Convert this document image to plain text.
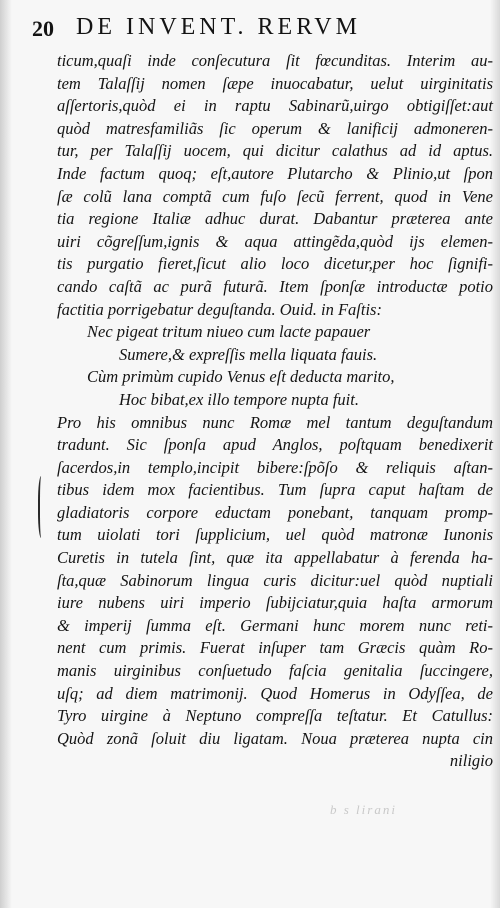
20 DE INVENT. RERVM
b s lirani
ticum,quaſi inde conſecutura ſit fœcunditas. Interim au-
tem Talaſſij nomen ſæpe inuocabatur, uelut uirginitatis
aſſertoris,quòd ei in raptu Sabinarũ,uirgo obtigiſſet:aut
quòd matresfamiliãs ſic operum & lanificij admoneren-
tur, per Talaſſij uocem, qui dicitur calathus ad id aptus.
Inde factum quoq; eſt,autore Plutarcho & Plinio,ut ſpon
ſæ colũ lana comptã cum fuſo ſecũ ferrent, quod in Vene
tia regione Italiæ adhuc durat. Dabantur præterea ante
uiri cõgreſſum,ignis & aqua attingẽda,quòd ijs elemen-
tis purgatio fieret,ſicut alio loco dicetur,per hoc ſignifi-
cando caſtã ac purã futurã. Item ſponſæ introductæ potio
factitia porrigebatur deguſtanda. Ouid. in Faſtis:
Nec pigeat tritum niueo cum lacte papauer
Sumere,& expreſſis mella liquata fauis.
Cùm primùm cupido Venus eſt deducta marito,
Hoc bibat,ex illo tempore nupta fuit.
Pro his omnibus nunc Romæ mel tantum deguſtandum
tradunt. Sic ſponſa apud Anglos, poſtquam benedixerit
ſacerdos,in templo,incipit bibere:ſpõſo & reliquis aſtan-
tibus idem mox facientibus. Tum ſupra caput haſtam de
gladiatoris corpore eductam ponebant, tanquam promp-
tum uiolati tori ſupplicium, uel quòd matronæ Iunonis
Curetis in tutela ſint, quæ ita appellabatur à ferenda ha-
ſta,quæ Sabinorum lingua curis dicitur:uel quòd nuptiali
iure nubens uiri imperio ſubijciatur,quia haſta armorum
& imperij ſumma eſt. Germani hunc morem nunc reti-
nent cum primis. Fuerat inſuper tam Græcis quàm Ro-
manis uirginibus conſuetudo faſcia genitalia ſuccingere,
uſq; ad diem matrimonij. Quod Homerus in Odyſſea, de
Tyro uirgine à Neptuno compreſſa teſtatur. Et Catullus:
Quòd zonã ſoluit diu ligatam. Noua præterea nupta cin
niligio
